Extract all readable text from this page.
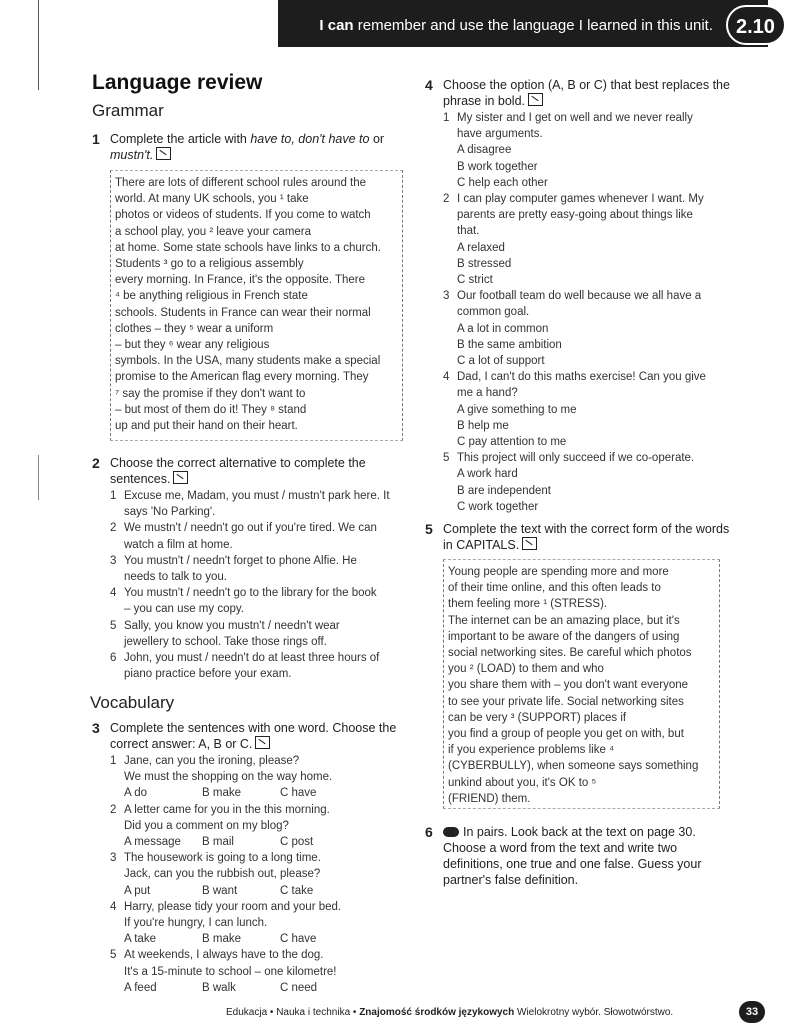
I can remember and use the language I learned in this unit.	2.10
Language review
Grammar
1 Complete the article with have to, don't have to or
mustn't.

There are lots of different school rules around the

world. At many UK schools, you ¹ take

photos or videos of students. If you come to watch

a school play, you ² leave your camera

at home. Some state schools have links to a church.

Students ³ go to a religious assembly

every morning. In France, it's the opposite. There

⁴ be anything religious in French state

schools. Students in France can wear their normal

clothes – they ⁵ wear a uniform

– but they ⁶ wear any religious

symbols. In the USA, many students make a special

promise to the American flag every morning. They

⁷ say the promise if they don't want to

– but most of them do it! They ⁸ stand

up and put their hand on their heart.

2 Choose the correct alternative to complete the sentences.
1 Excuse me, Madam, you must / mustn't park here. It
says 'No Parking'.
2 We mustn't / needn't go out if you're tired. We can
watch a film at home.
3 You mustn't / needn't forget to phone Alfie. He
needs to talk to you.
4 You mustn't / needn't go to the library for the book
– you can use my copy.
5 Sally, you know you mustn't / needn't wear
jewellery to school. Take those rings off.
6 John, you must / needn't do at least three hours of
piano practice before your exam.
Vocabulary
3 Complete the sentences with one word. Choose the correct answer: A, B or C.
1 Jane, can you the ironing, please?
We must the shopping on the way home.
A do	B make	C have
2 A letter came for you in the this morning.
Did you a comment on my blog?
A message B mail	C post
3 The housework is going to a long time.
Jack, can you the rubbish out, please?
A put	B want	C take
4 Harry, please tidy your room and your bed.
If you're hungry, I can lunch.
A take	B make	C have
5 At weekends, I always have to the dog.
It's a 15-minute to school – one kilometre!
A feed	B walk	C need
4 Choose the option (A, B or C) that best replaces the phrase in bold.
1 My sister and I get on well and we never really
have arguments.
A disagree
B work together
C help each other
2 I can play computer games whenever I want. My
parents are pretty easy-going about things like
that.
A relaxed
B stressed
C strict
3 Our football team do well because we all have a
common goal.
A a lot in common
B the same ambition
C a lot of support
4 Dad, I can't do this maths exercise! Can you give
me a hand?
A give something to me
B help me
C pay attention to me
5 This project will only succeed if we co-operate.
A work hard
B are independent
C work together
5 Complete the text with the correct form of the words in CAPITALS.

Young people are spending more and more

of their time online, and this often leads to

them feeling more ¹ (STRESS).

The internet can be an amazing place, but it's

important to be aware of the dangers of using

social networking sites. Be careful which photos

you ² (LOAD) to them and who

you share them with – you don't want everyone

to see your private life. Social networking sites

can be very ³ (SUPPORT) places if

you find a group of people you get on with, but

if you experience problems like ⁴

(CYBERBULLY), when someone says something

unkind about you, it's OK to ⁵

(FRIEND) them.

6 In pairs. Look back at the text on page 30. Choose a word from the text and write two definitions, one true and one false. Guess your partner's false definition.
Edukacja • Nauka i technika • Znajomość środków językowych Wielokrotny wybór. Słowotwórstwo.	33
